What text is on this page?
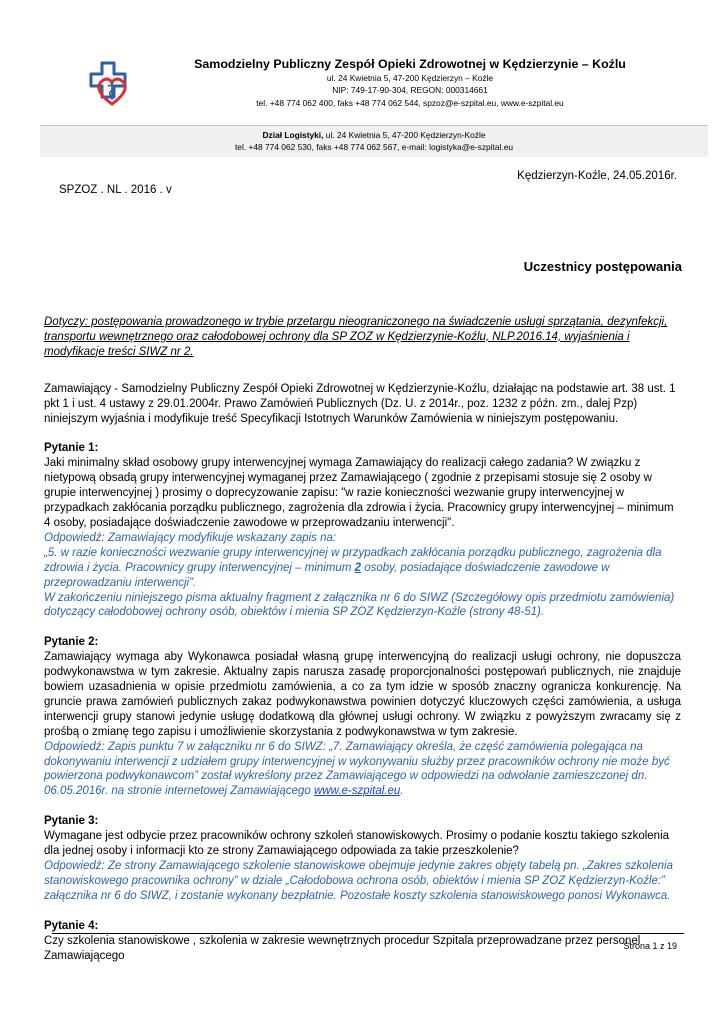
Samodzielny Publiczny Zespół Opieki Zdrowotnej w Kędzierzynie – Koźlu
ul. 24 Kwietnia 5, 47-200 Kędzierzyn – Koźle
NIP: 749-17-90-304, REGON: 000314661
tel. +48 774 062 400, faks +48 774 062 544, spzoz@e-szpital.eu, www.e-szpital.eu
Dział Logistyki, ul. 24 Kwietnia 5, 47-200 Kędzierzyn-Koźle
tel. +48 774 062 530, faks +48 774 062 567, e-mail: logistyka@e-szpital.eu
Kędzierzyn-Koźle, 24.05.2016r.
SPZOZ . NL . 2016 . v
Uczestnicy postępowania
Dotyczy: postępowania prowadzonego w trybie przetargu nieograniczonego na świadczenie usługi sprzątania, dezynfekcji, transportu wewnętrznego oraz całodobowej ochrony dla SP ZOZ w Kędzierzynie-Koźlu, NLP.2016.14, wyjaśnienia i modyfikacje treści SIWZ nr 2.
Zamawiający - Samodzielny Publiczny Zespół Opieki Zdrowotnej w Kędzierzynie-Koźlu, działając na podstawie art. 38 ust. 1 pkt 1 i ust. 4 ustawy z 29.01.2004r. Prawo Zamówień Publicznych (Dz. U. z 2014r., poz. 1232 z późn. zm., dalej Pzp) niniejszym wyjaśnia i modyfikuje treść Specyfikacji Istotnych Warunków Zamówienia w niniejszym postępowaniu.
Pytanie 1:
Jaki minimalny skład osobowy grupy interwencyjnej wymaga Zamawiający do realizacji całego zadania? W związku z nietypową obsadą grupy interwencyjnej wymaganej przez Zamawiającego ( zgodnie z przepisami stosuje się 2 osoby w grupie interwencyjnej ) prosimy o doprecyzowanie zapisu: "w razie konieczności wezwanie grupy interwencyjnej w przypadkach zakłócania porządku publicznego, zagrożenia dla zdrowia i życia. Pracownicy grupy interwencyjnej – minimum 4 osoby, posiadające doświadczenie zawodowe w przeprowadzaniu interwencji".
Odpowiedź: Zamawiający modyfikuje wskazany zapis na:
„5. w razie konieczności wezwanie grupy interwencyjnej w przypadkach zakłócania porządku publicznego, zagrożenia dla zdrowia i życia. Pracownicy grupy interwencyjnej – minimum 2 osoby, posiadające doświadczenie zawodowe w przeprowadzaniu interwencji”.
W zakończeniu niniejszego pisma aktualny fragment z załącznika nr 6 do SIWZ (Szczegółowy opis przedmiotu zamówienia) dotyczący całodobowej ochrony osób, obiektów i mienia SP ZOZ Kędzierzyn-Koźle (strony 48-51).
Pytanie 2:
Zamawiający wymaga aby Wykonawca posiadał własną grupę interwencyjną do realizacji usługi ochrony, nie dopuszcza podwykonawstwa w tym zakresie. Aktualny zapis narusza zasadę proporcjonalności postępowań publicznych, nie znajduje bowiem uzasadnienia w opisie przedmiotu zamówienia, a co za tym idzie w sposób znaczny ogranicza konkurencję. Na gruncie prawa zamówień publicznych zakaz podwykonawstwa powinien dotyczyć kluczowych części zamówienia, a usługa interwencji grupy stanowi jedynie usługę dodatkową dla głównej usługi ochrony. W związku z powyższym zwracamy się z prośbą o zmianę tego zapisu i umożliwienie skorzystania z podwykonawstwa w tym zakresie.
Odpowiedź: Zapis punktu 7 w załączniku nr 6 do SIWZ: „7. Zamawiający określa, że część zamówienia polegająca na dokonywaniu interwencji z udziałem grupy interwencyjnej w wykonywaniu służby przez pracowników ochrony nie może być powierzona podwykonawcom” został wykreślony przez Zamawiającego w odpowiedzi na odwołanie zamieszczonej dn. 06.05.2016r. na stronie internetowej Zamawiającego www.e-szpital.eu.
Pytanie 3:
Wymagane jest odbycie przez pracowników ochrony szkoleń stanowiskowych. Prosimy o podanie kosztu takiego szkolenia dla jednej osoby i informacji kto ze strony Zamawiającego odpowiada za takie przeszkolenie?
Odpowiedź: Ze strony Zamawiającego szkolenie stanowiskowe obejmuje jedynie zakres objęty tabelą pn. „Zakres szkolenia stanowiskowego pracownika ochrony” w dziale „Całodobowa ochrona osób, obiektów i mienia SP ZOZ Kędzierzyn-Koźle:” załącznika nr 6 do SIWZ, i zostanie wykonany bezpłatnie. Pozostałe koszty szkolenia stanowiskowego ponosi Wykonawca.
Pytanie 4:
Czy szkolenia stanowiskowe , szkolenia w zakresie wewnętrznych procedur Szpitala przeprowadzane przez personel Zamawiającego
Strona 1 z 19
